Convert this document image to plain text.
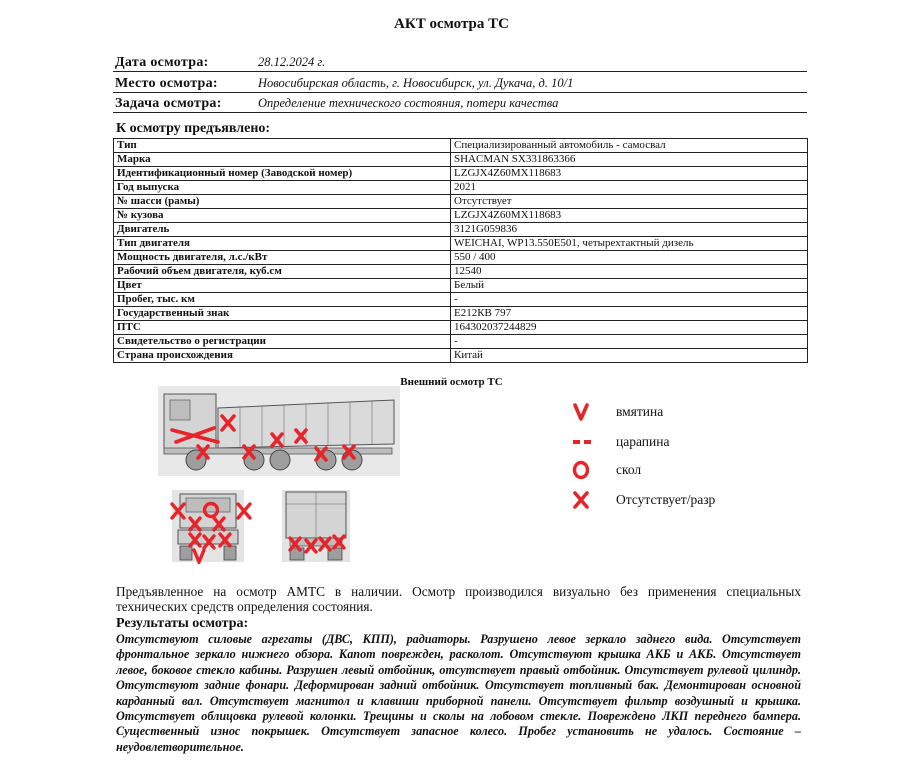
АКТ осмотра ТС
Дата осмотра:	28.12.2024 г.
Место осмотра:	Новосибирская область, г. Новосибирск, ул. Дукача, д. 10/1
Задача осмотра:	Определение технического состояния, потери качества
К осмотру предъявлено:
Тип	Специализированный автомобиль - самосвал
Марка	SHACMAN SX331863366
Идентификационный номер (Заводской номер)	LZGJX4Z60MX118683
Год выпуска	2021
№ шасси (рамы)	Отсутствует
№ кузова	LZGJX4Z60MX118683
Двигатель	3121G059836
Тип двигателя	WEICHAI, WP13.550E501, четырехтактный дизель
Мощность двигателя, л.с./кВт	550 / 400
Рабочий объем двигателя, куб.см	12540
Цвет	Белый
Пробег, тыс. км	-
Государственный знак	Е212КВ 797
ПТС	164302037244829
Свидетельство о регистрации	-
Страна происхождения	Китай
Внешний осмотр ТС
вмятина
царапина
скол
Отсутствует/разр
Предъявленное на осмотр АМТС в наличии. Осмотр производился визуально без применения специальных технических средств определения состояния.
Результаты осмотра:
Отсутствуют силовые агрегаты (ДВС, КПП), радиаторы. Разрушено левое зеркало заднего вида. Отсутствует фронтальное зеркало нижнего обзора. Капот поврежден, расколот. Отсутствуют крышка АКБ и АКБ. Отсутствует левое, боковое стекло кабины. Разрушен левый отбойник, отсутствует правый отбойник. Отсутствует рулевой цилиндр. Отсутствуют задние фонари. Деформирован задний отбойник. Отсутствует топливный бак. Демонтирован основной карданный вал. Отсутствует магнитол и клавиши приборной панели. Отсутствует фильтр воздушный и крышка. Отсутствует облицовка рулевой колонки. Трещины и сколы на лобовом стекле. Повреждено ЛКП переднего бампера. Существенный износ покрышек. Отсутствует запасное колесо. Пробег установить не удалось. Состояние – неудовлетворительное.
